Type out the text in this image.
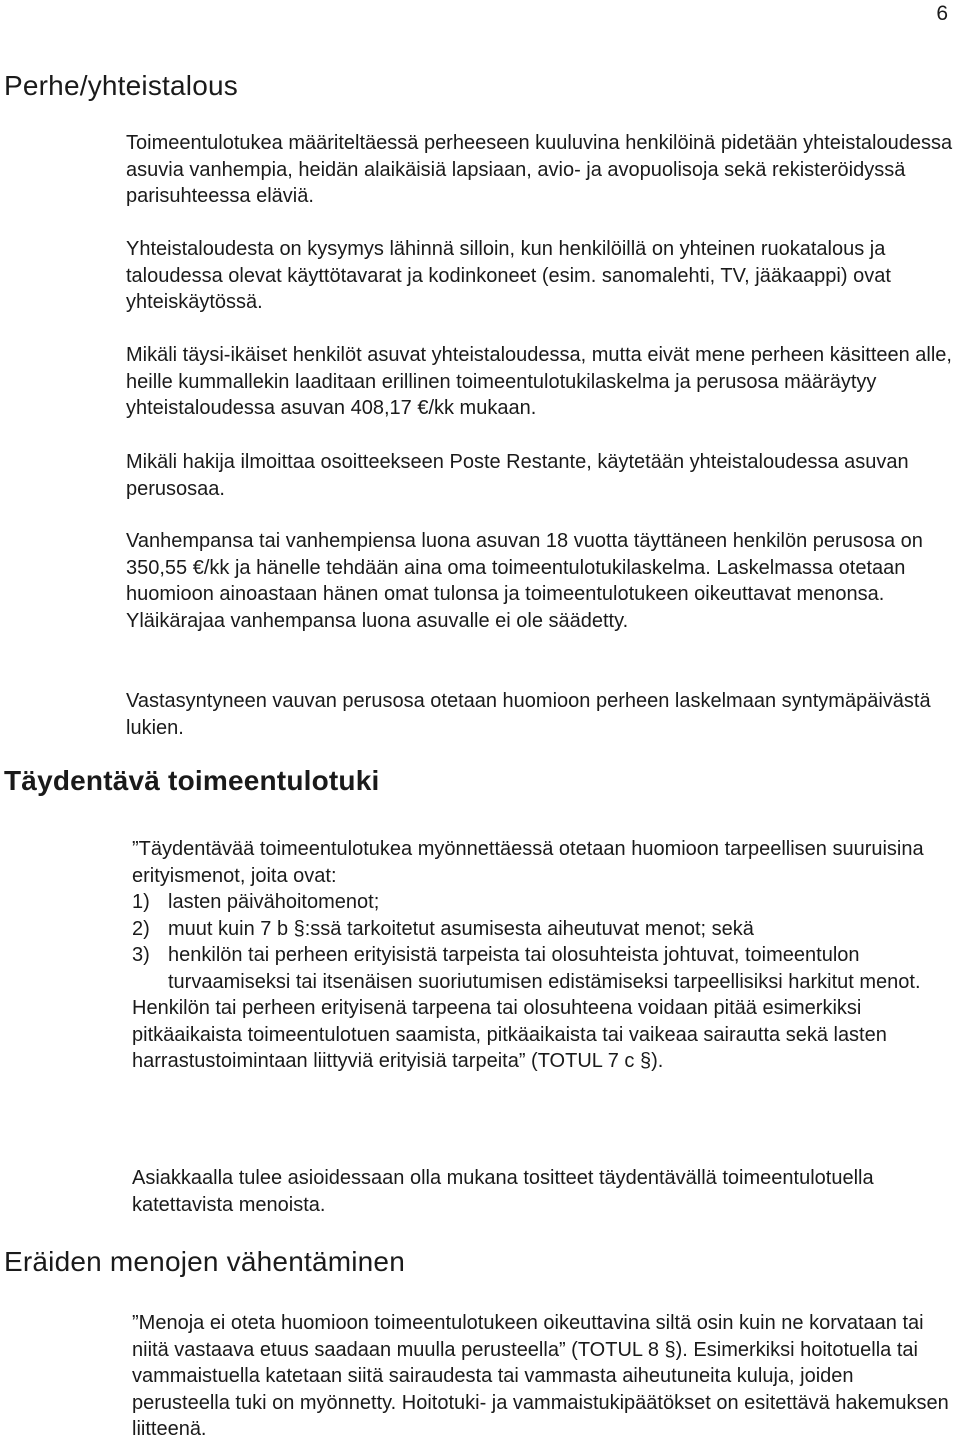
6
Perhe/yhteistalous

Toimeentulotukea määriteltäessä perheeseen kuuluvina henkilöinä pidetään yhteistaloudessa asuvia vanhempia, heidän alaikäisiä lapsiaan, avio- ja avopuolisoja sekä rekisteröidyssä parisuhteessa eläviä.

Yhteistaloudesta on kysymys lähinnä silloin, kun henkilöillä on yhteinen ruokatalous ja taloudessa olevat käyttötavarat ja kodinkoneet (esim. sanomalehti, TV, jääkaappi) ovat yhteiskäytössä.

Mikäli täysi-ikäiset henkilöt asuvat yhteistaloudessa, mutta eivät mene perheen käsitteen alle, heille kummallekin laaditaan erillinen toimeentulotukilaskelma ja perusosa määräytyy yhteistaloudessa asuvan 408,17 €/kk mukaan.

Mikäli hakija ilmoittaa osoitteekseen Poste Restante, käytetään yhteistaloudessa asuvan perusosaa.

Vanhempansa tai vanhempiensa luona asuvan 18 vuotta täyttäneen henkilön perusosa on 350,55 €/kk ja hänelle tehdään aina oma toimeentulotukilaskelma. Laskelmassa otetaan huomioon ainoastaan hänen omat tulonsa ja toimeentulotukeen oikeuttavat menonsa. Yläikärajaa vanhempansa luona asuvalle ei ole säädetty.

Vastasyntyneen vauvan perusosa otetaan huomioon perheen laskelmaan syntymäpäivästä lukien.

Täydentävä toimeentulotuki

”Täydentävää toimeentulotukea myönnettäessä otetaan huomioon tarpeellisen suuruisina erityismenot, joita ovat:

1) lasten päivähoitomenot;
2) muut kuin 7 b §:ssä tarkoitetut asumisesta aiheutuvat menot; sekä
3) henkilön tai perheen erityisistä tarpeista tai olosuhteista johtuvat, toimeentulon turvaamiseksi tai itsenäisen suoriutumisen edistämiseksi tarpeellisiksi harkitut menot.

Henkilön tai perheen erityisenä tarpeena tai olosuhteena voidaan pitää esimerkiksi pitkäaikaista toimeentulotuen saamista, pitkäaikaista tai vaikeaa sairautta sekä lasten harrastustoimintaan liittyviä erityisiä tarpeita” (TOTUL 7 c §).

Asiakkaalla tulee asioidessaan olla mukana tositteet täydentävällä toimeentulotuella katettavista menoista.

Eräiden menojen vähentäminen

”Menoja ei oteta huomioon toimeentulotukeen oikeuttavina siltä osin kuin ne korvataan tai niitä vastaava etuus saadaan muulla perusteella” (TOTUL 8 §). Esimerkiksi hoitotuella tai vammaistuella katetaan siitä sairaudesta tai vammasta aiheutuneita kuluja, joiden perusteella tuki on myönnetty. Hoitotuki- ja vammaistukipäätökset on esitettävä hakemuksen liitteenä.
